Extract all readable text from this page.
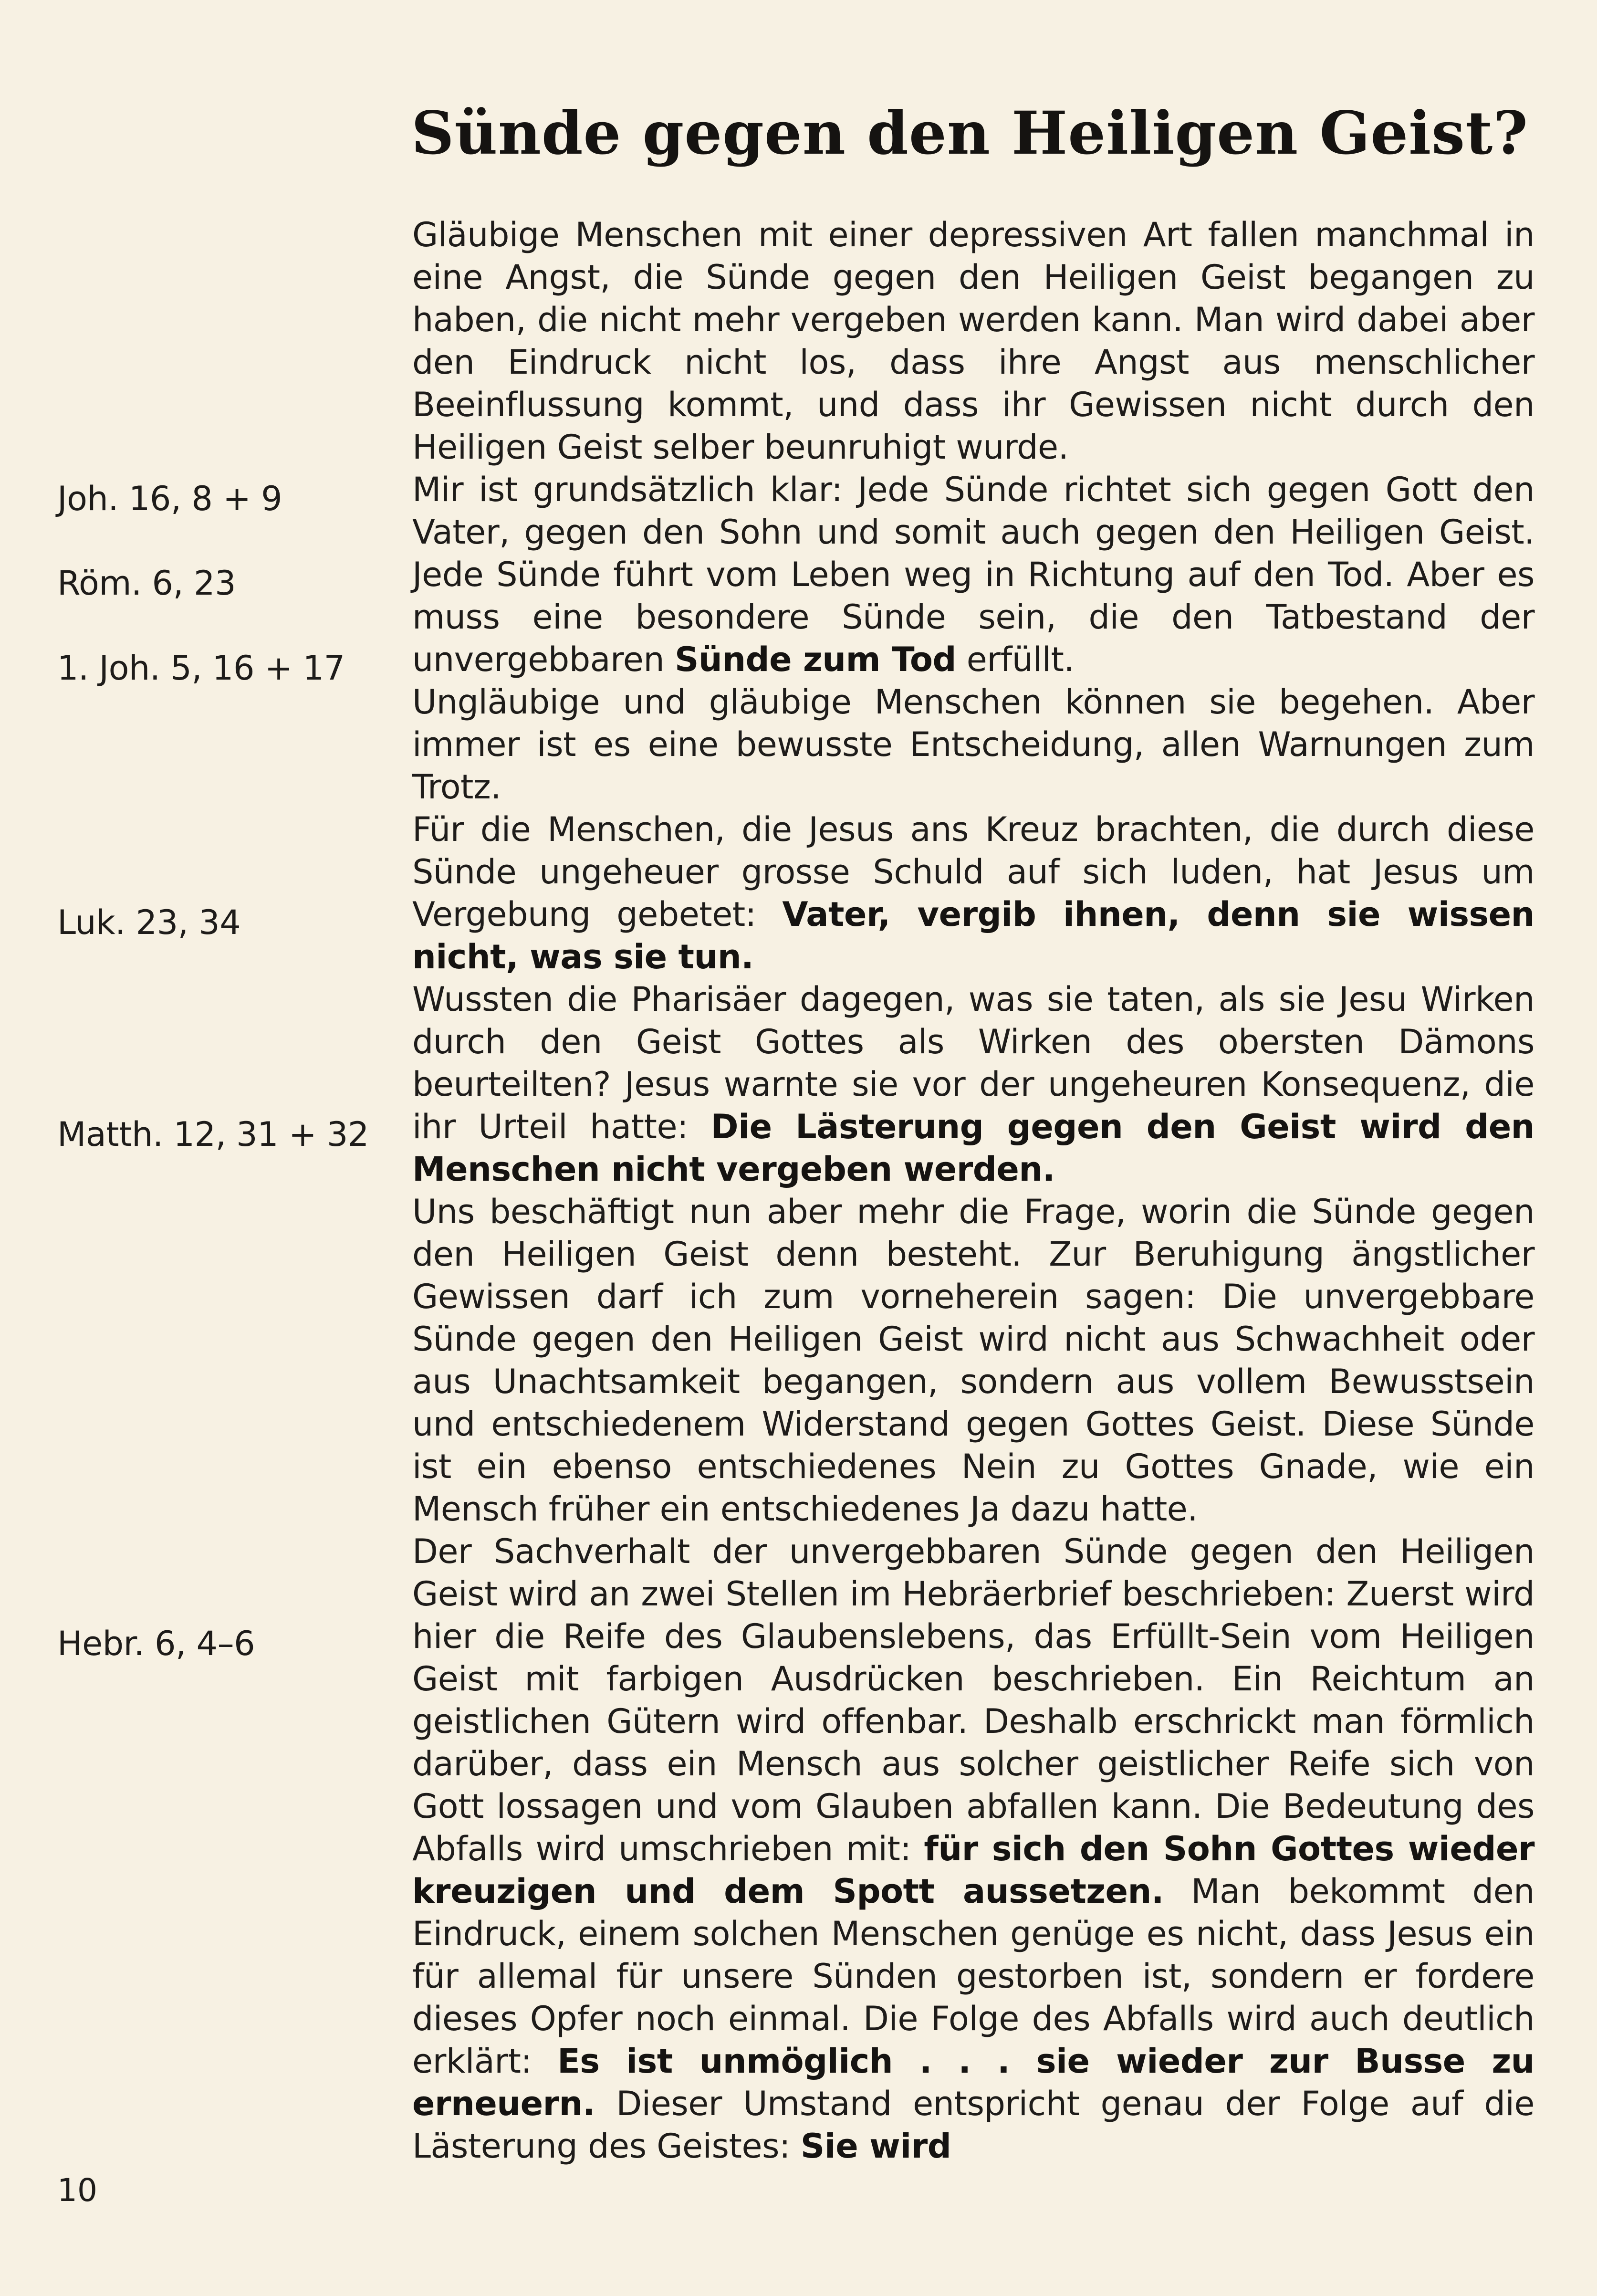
Sünde gegen den Heiligen Geist?
Joh. 16, 8 + 9
Röm. 6, 23
1. Joh. 5, 16 + 17
Luk. 23, 34
Matth. 12, 31 + 32
Hebr. 6, 4–6

Gläubige Menschen mit einer depressiven Art fallen manchmal in eine Angst, die Sünde gegen den Heiligen Geist begangen zu haben, die nicht mehr vergeben werden kann. Man wird dabei aber den Eindruck nicht los, dass ihre Angst aus menschlicher Beeinflussung kommt, und dass ihr Gewissen nicht durch den Heiligen Geist selber beunruhigt wurde.

Mir ist grundsätzlich klar: Jede Sünde richtet sich gegen Gott den Vater, gegen den Sohn und somit auch gegen den Heiligen Geist. Jede Sünde führt vom Leben weg in Richtung auf den Tod. Aber es muss eine besondere Sünde sein, die den Tatbestand der unvergebbaren Sünde zum Tod erfüllt.

Ungläubige und gläubige Menschen können sie begehen. Aber immer ist es eine bewusste Entscheidung, allen Warnungen zum Trotz.

Für die Menschen, die Jesus ans Kreuz brachten, die durch diese Sünde ungeheuer grosse Schuld auf sich luden, hat Jesus um Vergebung gebetet: Vater, vergib ihnen, denn sie wissen nicht, was sie tun.

Wussten die Pharisäer dagegen, was sie taten, als sie Jesu Wirken durch den Geist Gottes als Wirken des obersten Dämons beurteilten? Jesus warnte sie vor der ungeheuren Konsequenz, die ihr Urteil hatte: Die Lästerung gegen den Geist wird den Menschen nicht vergeben werden.

Uns beschäftigt nun aber mehr die Frage, worin die Sünde gegen den Heiligen Geist denn besteht. Zur Beruhigung ängstlicher Gewissen darf ich zum vorneherein sagen: Die unvergebbare Sünde gegen den Heiligen Geist wird nicht aus Schwachheit oder aus Unachtsamkeit begangen, sondern aus vollem Bewusstsein und entschiedenem Widerstand gegen Gottes Geist. Diese Sünde ist ein ebenso entschiedenes Nein zu Gottes Gnade, wie ein Mensch früher ein entschiedenes Ja dazu hatte.

Der Sachverhalt der unvergebbaren Sünde gegen den Heiligen Geist wird an zwei Stellen im Hebräerbrief beschrieben: Zuerst wird hier die Reife des Glaubenslebens, das Erfüllt-Sein vom Heiligen Geist mit farbigen Ausdrücken beschrieben. Ein Reichtum an geistlichen Gütern wird offenbar. Deshalb erschrickt man förmlich darüber, dass ein Mensch aus solcher geistlicher Reife sich von Gott lossagen und vom Glauben abfallen kann. Die Bedeutung des Abfalls wird umschrieben mit: für sich den Sohn Gottes wieder kreuzigen und dem Spott aussetzen. Man bekommt den Eindruck, einem solchen Menschen genüge es nicht, dass Jesus ein für allemal für unsere Sünden gestorben ist, sondern er fordere dieses Opfer noch einmal. Die Folge des Abfalls wird auch deutlich erklärt: Es ist unmöglich . . . sie wieder zur Busse zu erneuern. Dieser Umstand entspricht genau der Folge auf die Lästerung des Geistes: Sie wird

10
